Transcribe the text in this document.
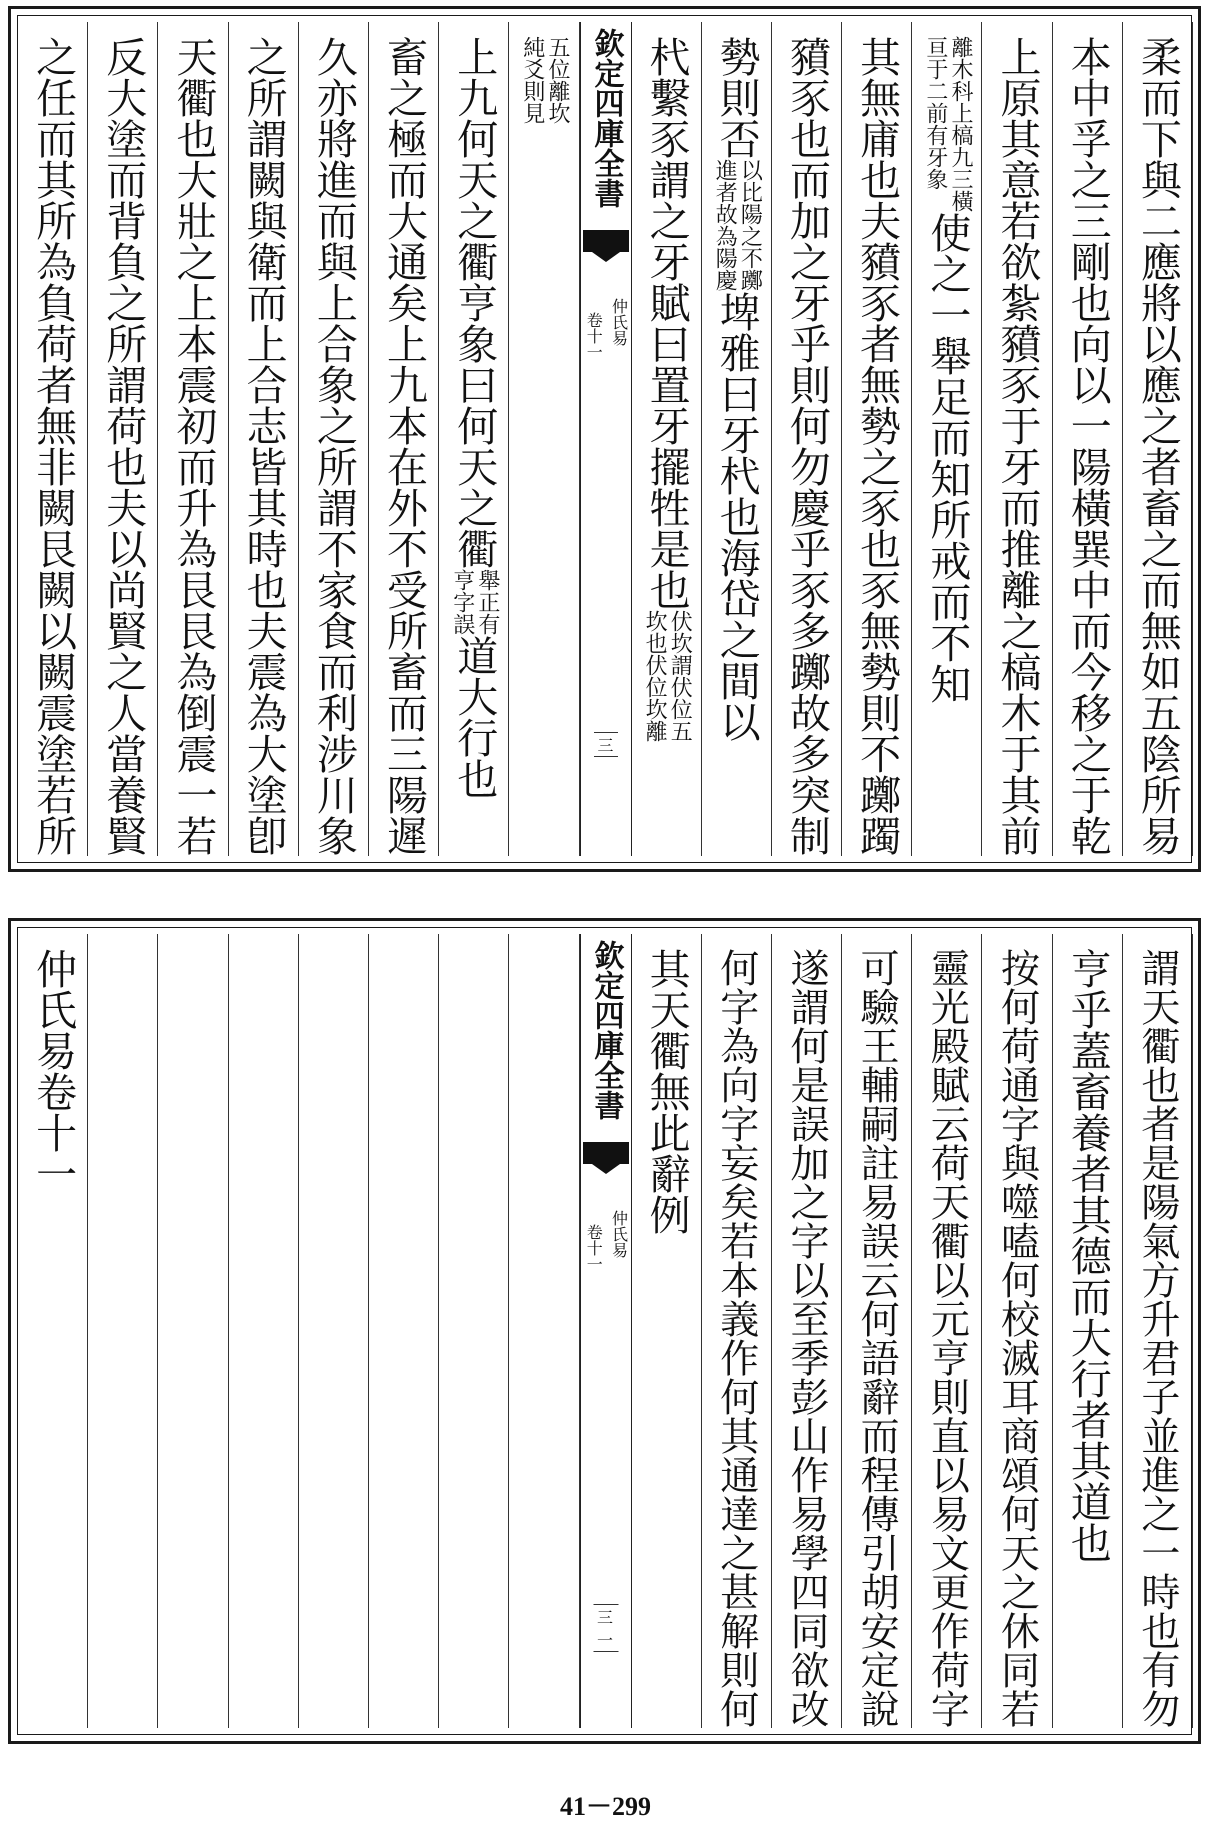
柔而下與二應將以應之者畜之而無如五陰所易
本中孚之三剛也向以一陽橫巽中而今移之于乾
上原其意若欲紮豶豕于牙而推離之槁木于其前
離木科上槁九三橫
亘于二前有牙象
使之一舉足而知所戒而不知
其無庯也夫豶豕者無勢之豕也豕無勢則不躑躅
豶豕也而加之牙乎則何勿慶乎豕多躑故多突制
勢則否
以比陽之不躑
進者故為陽慶
埤雅曰牙杙也海岱之間以
杙繫豕謂之牙賦曰置牙擺牲是也
伏坎謂伏位五
坎也伏位坎離
欽定四庫全書
仲氏易
卷十一
三
五位離坎
純爻則見
上九何天之衢亨象曰何天之衢
舉正有
亨字誤
道大行也
畜之極而大通矣上九本在外不受所畜而三陽遲
久亦將進而與上合象之所謂不家食而利涉川象
之所謂闕與衛而上合志皆其時也夫震為大塗卽
天衢也大壯之上本震初而升為艮艮為倒震一若
反大塗而背負之所謂荷也夫以尚賢之人當養賢
之任而其所為負荷者無非闕艮闕以闕震塗若所
謂天衢也者是陽氣方升君子並進之一時也有勿
亨乎蓋畜養者其德而大行者其道也
按何荷通字與噬嗑何校滅耳商頌何天之休同若
靈光殿賦云荷天衢以元亨則直以易文更作荷字
可驗王輔嗣註易誤云何語辭而程傳引胡安定說
遂謂何是誤加之字以至季彭山作易學四同欲改
何字為向字妄矣若本義作何其通達之甚解則何
其天衢無此辭例
欽定四庫全書
仲氏易
卷十一
三一
仲氏易卷十一
41－299
